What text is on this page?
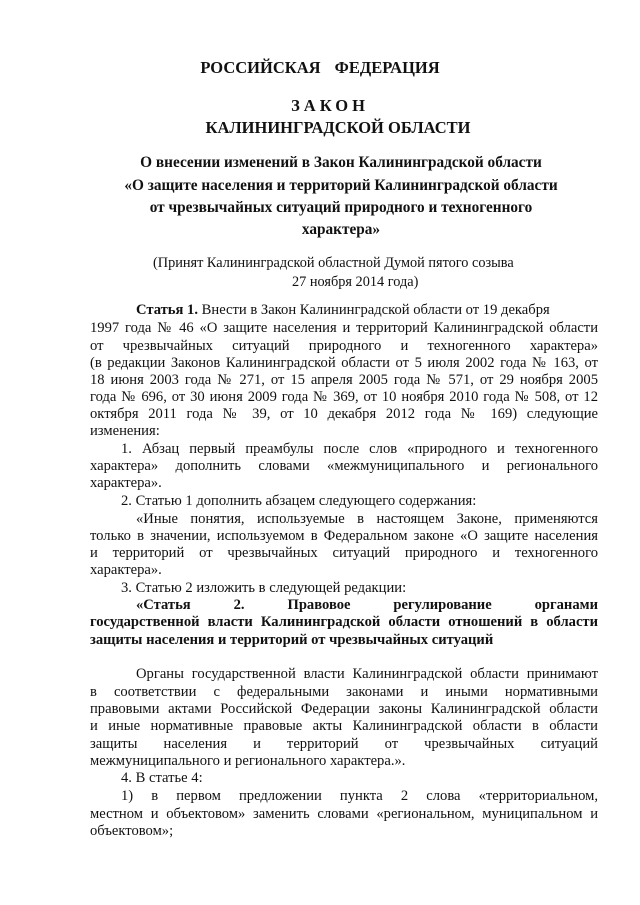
РОССИЙСКАЯ ФЕДЕРАЦИЯ
ЗАКОН
КАЛИНИНГРАДСКОЙ ОБЛАСТИ
О внесении изменений в Закон Калининградской области
«О защите населения и территорий Калининградской области
от чрезвычайных ситуаций природного и техногенного
характера»
(Принят Калининградской областной Думой пятого созыва
27 ноября 2014 года)
Статья 1. Внести в Закон Калининградской области от 19 декабря
1997 года № 46 «О защите населения и территорий Калининградской области
от чрезвычайных ситуаций природного и техногенного характера»
(в редакции Законов Калининградской области от 5 июля 2002 года № 163, от
18 июня 2003 года № 271, от 15 апреля 2005 года № 571, от 29 ноября 2005
года № 696, от 30 июня 2009 года № 369, от 10 ноября 2010 года № 508, от 12
октября 2011 года № 39, от 10 декабря 2012 года № 169) следующие
изменения:
1. Абзац первый преамбулы после слов «природного и техногенного
характера» дополнить словами «межмуниципального и регионального
характера».
2. Статью 1 дополнить абзацем следующего содержания:
«Иные понятия, используемые в настоящем Законе, применяются
только в значении, используемом в Федеральном законе «О защите населения
и территорий от чрезвычайных ситуаций природного и техногенного
характера».
3. Статью 2 изложить в следующей редакции:
«Статья 2. Правовое регулирование органами
государственной власти Калининградской области отношений в области
защиты населения и территорий от чрезвычайных ситуаций
Органы государственной власти Калининградской области принимают
в соответствии с федеральными законами и иными нормативными
правовыми актами Российской Федерации законы Калининградской области
и иные нормативные правовые акты Калининградской области в области
защиты населения и территорий от чрезвычайных ситуаций
межмуниципального и регионального характера.».
4. В статье 4:
1) в первом предложении пункта 2 слова «территориальном,
местном и объектовом» заменить словами «региональном, муниципальном и
объектовом»;
